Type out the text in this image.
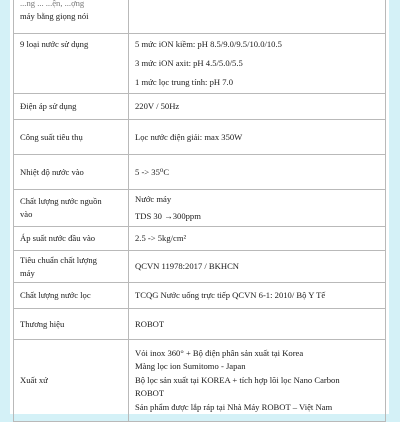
...ng ... ...ện, ...ợng
máy bằng giọng nói

9 loại nước sử dụng	5 mức iON kiềm: pH 8.5/9.0/9.5/10.0/10.5
3 mức iON axit: pH 4.5/5.0/5.5
1 mức lọc trung tính: pH 7.0

Điện áp sử dụng	220V / 50Hz

Công suất tiêu thụ	Lọc nước điện giải: max 350W

Nhiệt độ nước vào	5 -> 35⁰C

Chất lượng nước nguồn
vào	Nước máy
TDS 30 →300ppm

Áp suất nước đầu vào	2.5 -> 5kg/cm²

Tiêu chuẩn chất lượng
máy	QCVN 11978:2017 / BKHCN

Chất lượng nước lọc	TCQG Nước uống trực tiếp QCVN 6-1: 2010/ Bộ Y Tế

Thương hiệu	ROBOT

Xuất xứ	Vỏi inox 360° + Bộ điện phân sản xuất tại Korea
Màng lọc ion Sumitomo - Japan
Bộ lọc sản xuất tại KOREA + tích hợp lõi lọc Nano Carbon
ROBOT
Sản phẩm được lắp ráp tại Nhà Máy ROBOT – Việt Nam
